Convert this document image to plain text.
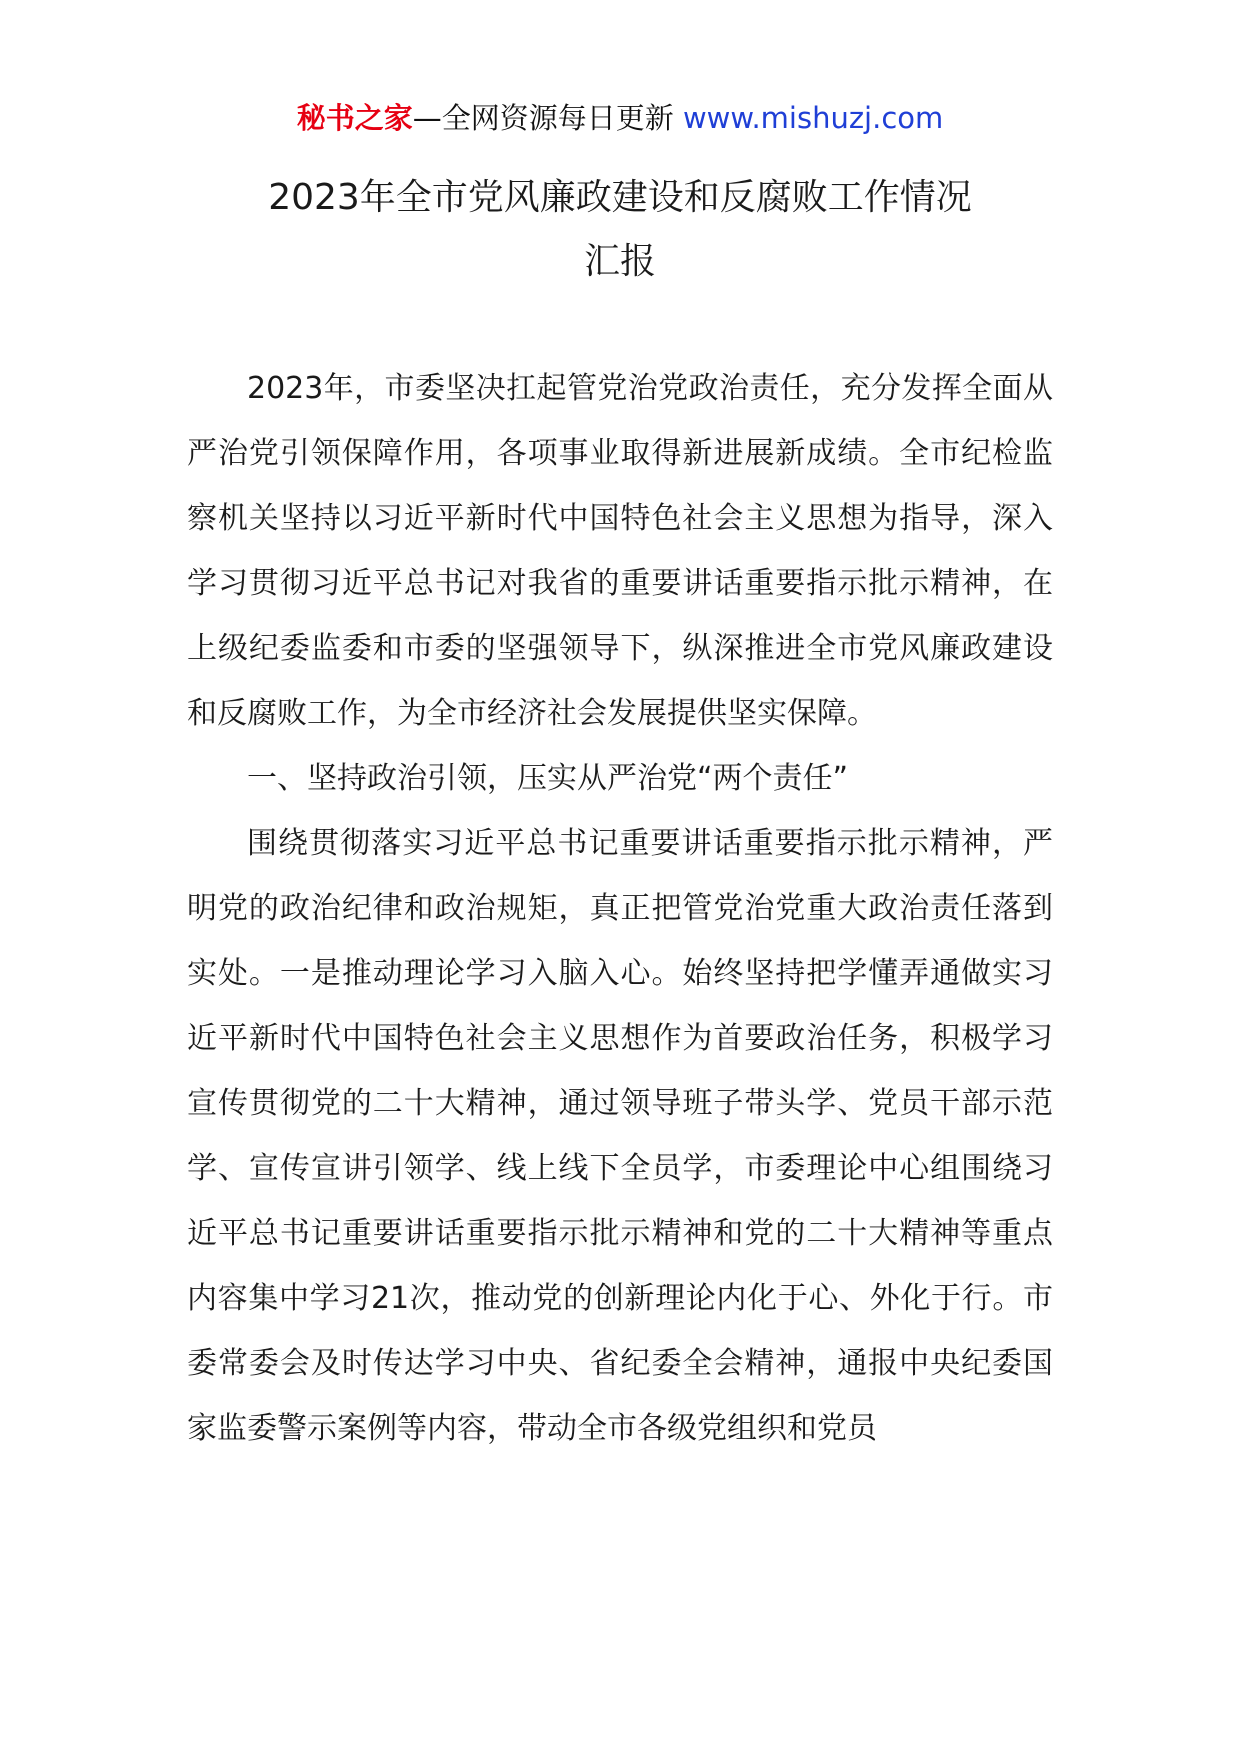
秘书之家—全网资源每日更新 www.mishuzj.com
2023年全市党风廉政建设和反腐败工作情况
汇报

2023年，市委坚决扛起管党治党政治责任，充分发挥全面从严治党引领保障作用，各项事业取得新进展新成绩。全市纪检监察机关坚持以习近平新时代中国特色社会主义思想为指导，深入学习贯彻习近平总书记对我省的重要讲话重要指示批示精神，在上级纪委监委和市委的坚强领导下，纵深推进全市党风廉政建设和反腐败工作，为全市经济社会发展提供坚实保障。

一、坚持政治引领，压实从严治党“两个责任”

围绕贯彻落实习近平总书记重要讲话重要指示批示精神，严明党的政治纪律和政治规矩，真正把管党治党重大政治责任落到实处。一是推动理论学习入脑入心。始终坚持把学懂弄通做实习近平新时代中国特色社会主义思想作为首要政治任务，积极学习宣传贯彻党的二十大精神，通过领导班子带头学、党员干部示范学、宣传宣讲引领学、线上线下全员学，市委理论中心组围绕习近平总书记重要讲话重要指示批示精神和党的二十大精神等重点内容集中学习21次，推动党的创新理论内化于心、外化于行。市委常委会及时传达学习中央、省纪委全会精神，通报中央纪委国家监委警示案例等内容，带动全市各级党组织和党员
